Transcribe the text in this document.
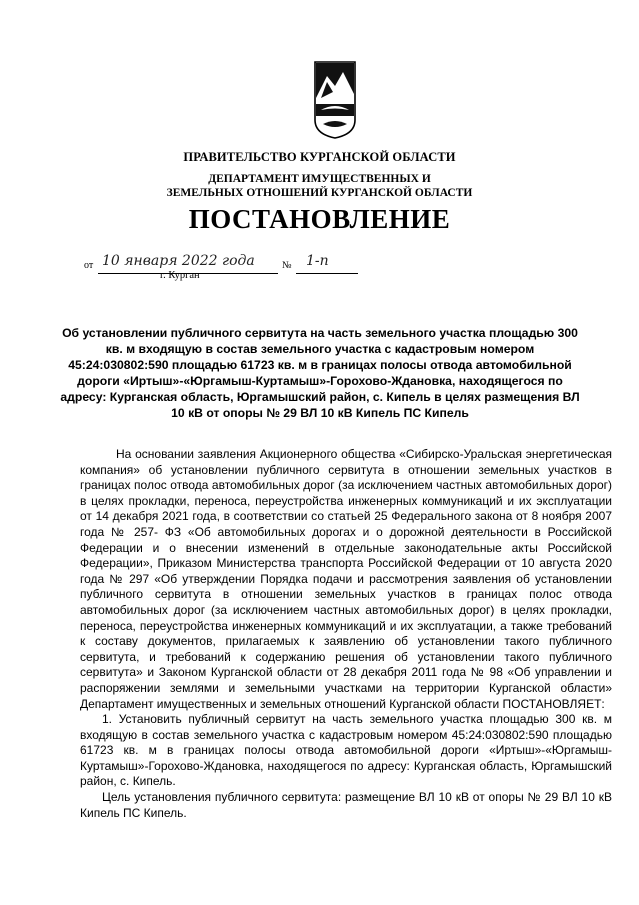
ПРАВИТЕЛЬСТВО КУРГАНСКОЙ ОБЛАСТИ
ДЕПАРТАМЕНТ ИМУЩЕСТВЕННЫХ И
ЗЕМЕЛЬНЫХ ОТНОШЕНИЙ КУРГАНСКОЙ ОБЛАСТИ
ПОСТАНОВЛЕНИЕ
от 10 января 2022 года	№ 1-п
г. Курган
Об установлении публичного сервитута на часть земельного участка площадью 300 кв. м входящую в состав земельного участка с кадастровым номером 45:24:030802:590 площадью 61723 кв. м в границах полосы отвода автомобильной дороги «Иртыш»-«Юргамыш-Куртамыш»-Горохово-Ждановка, находящегося по адресу: Курганская область, Юргамышский район, с. Кипель в целях размещения ВЛ 10 кВ от опоры № 29 ВЛ 10 кВ Кипель ПС Кипель

На основании заявления Акционерного общества «Сибирско-Уральская энергетическая компания» об установлении публичного сервитута в отношении земельных участков в границах полос отвода автомобильных дорог (за исключением частных автомобильных дорог) в целях прокладки, переноса, переустройства инженерных коммуникаций и их эксплуатации от 14 декабря 2021 года, в соответствии со статьей 25 Федерального закона от 8 ноября 2007 года № 257- ФЗ «Об автомобильных дорогах и о дорожной деятельности в Российской Федерации и о внесении изменений в отдельные законодательные акты Российской Федерации», Приказом Министерства транспорта Российской Федерации от 10 августа 2020 года № 297 «Об утверждении Порядка подачи и рассмотрения заявления об установлении публичного сервитута в отношении земельных участков в границах полос отвода автомобильных дорог (за исключением частных автомобильных дорог) в целях прокладки, переноса, переустройства инженерных коммуникаций и их эксплуатации, а также требований к составу документов, прилагаемых к заявлению об установлении такого публичного сервитута, и требований к содержанию решения об установлении такого публичного сервитута» и Законом Курганской области от 28 декабря 2011 года № 98 «Об управлении и распоряжении землями и земельными участками на территории Курганской области» Департамент имущественных и земельных отношений Курганской области ПОСТАНОВЛЯЕТ:

1. Установить публичный сервитут на часть земельного участка площадью 300 кв. м входящую в состав земельного участка с кадастровым номером 45:24:030802:590 площадью 61723 кв. м в границах полосы отвода автомобильной дороги «Иртыш»-«Юргамыш-Куртамыш»-Горохово-Ждановка, находящегося по адресу: Курганская область, Юргамышский район, с. Кипель.

Цель установления публичного сервитута: размещение ВЛ 10 кВ от опоры № 29 ВЛ 10 кВ Кипель ПС Кипель.
